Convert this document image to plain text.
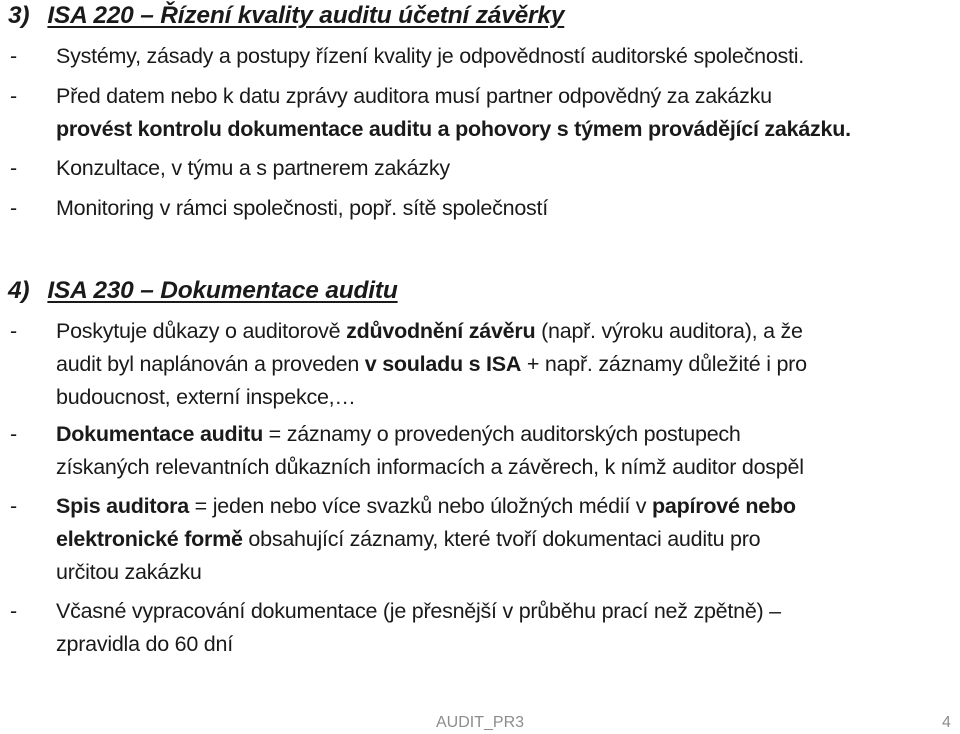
3) ISA 220 – Řízení kvality auditu účetní závěrky
- Systémy, zásady a postupy řízení kvality je odpovědností auditorské společnosti.
- Před datem nebo k datu zprávy auditora musí partner odpovědný za zakázku
provést kontrolu dokumentace auditu a pohovory s týmem provádějící zakázku.
- Konzultace, v týmu a s partnerem zakázky
- Monitoring v rámci společnosti, popř. sítě společností
4) ISA 230 – Dokumentace auditu
- Poskytuje důkazy o auditorově zdůvodnění závěru (např. výroku auditora), a že
audit byl naplánován a proveden v souladu s ISA + např. záznamy důležité i pro
budoucnost, externí inspekce,…
- Dokumentace auditu = záznamy o provedených auditorských postupech
získaných relevantních důkazních informacích a závěrech, k nímž auditor dospěl
- Spis auditora = jeden nebo více svazků nebo úložných médií v papírové nebo
elektronické formě obsahující záznamy, které tvoří dokumentaci auditu pro
určitou zakázku
- Včasné vypracování dokumentace (je přesnější v průběhu prací než zpětně) –
zpravidla do 60 dní
AUDIT_PR3	4
